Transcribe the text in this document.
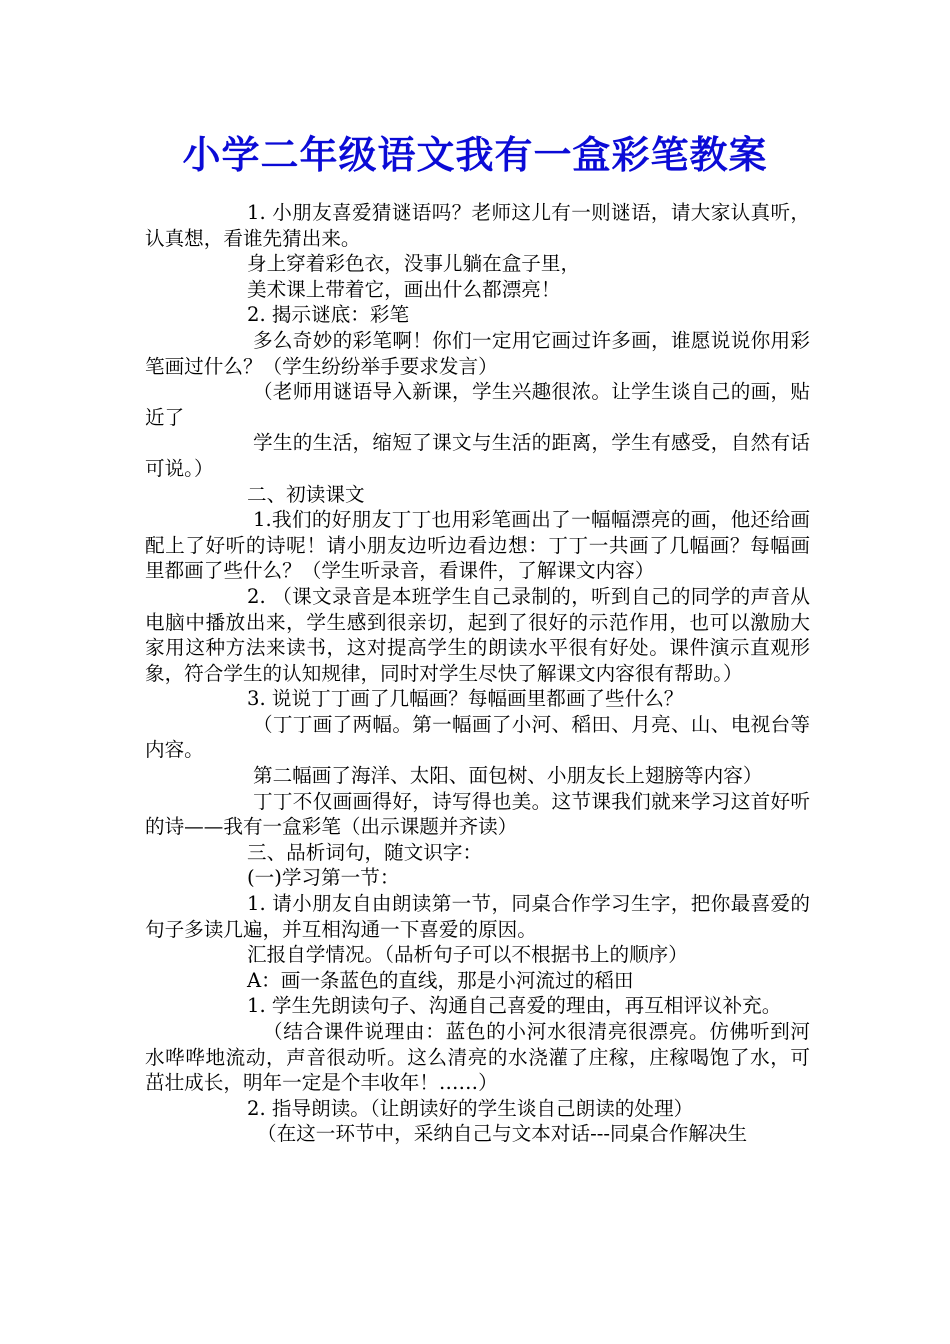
小学二年级语文我有一盒彩笔教案

1. 小朋友喜爱猜谜语吗？老师这儿有一则谜语，请大家认真听，认真想，看谁先猜出来。

身上穿着彩色衣，没事儿躺在盒子里，

美术课上带着它，画出什么都漂亮！

2. 揭示谜底：彩笔

多么奇妙的彩笔啊！你们一定用它画过许多画，谁愿说说你用彩笔画过什么？（学生纷纷举手要求发言）

（老师用谜语导入新课，学生兴趣很浓。让学生谈自己的画，贴近了

学生的生活，缩短了课文与生活的距离，学生有感受，自然有话可说。）

二、初读课文

1.我们的好朋友丁丁也用彩笔画出了一幅幅漂亮的画，他还给画配上了好听的诗呢！请小朋友边听边看边想：丁丁一共画了几幅画？每幅画里都画了些什么？（学生听录音，看课件，了解课文内容）

2. （课文录音是本班学生自己录制的，听到自己的同学的声音从电脑中播放出来，学生感到很亲切，起到了很好的示范作用，也可以激励大家用这种方法来读书，这对提高学生的朗读水平很有好处。课件演示直观形象，符合学生的认知规律，同时对学生尽快了解课文内容很有帮助。）

3. 说说丁丁画了几幅画？每幅画里都画了些什么？

（丁丁画了两幅。第一幅画了小河、稻田、月亮、山、电视台等内容。

第二幅画了海洋、太阳、面包树、小朋友长上翅膀等内容）

丁丁不仅画画得好，诗写得也美。这节课我们就来学习这首好听的诗——我有一盒彩笔（出示课题并齐读）

三、品析词句，随文识字：

(一)学习第一节：

1. 请小朋友自由朗读第一节，同桌合作学习生字，把你最喜爱的句子多读几遍，并互相沟通一下喜爱的原因。

汇报自学情况。（品析句子可以不根据书上的顺序）

A：画一条蓝色的直线，那是小河流过的稻田

1. 学生先朗读句子、沟通自己喜爱的理由，再互相评议补充。

（结合课件说理由：蓝色的小河水很清亮很漂亮。仿佛听到河水哗哗地流动，声音很动听。这么清亮的水浇灌了庄稼，庄稼喝饱了水，可茁壮成长，明年一定是个丰收年！……）

2. 指导朗读。（让朗读好的学生谈自己朗读的处理）

（在这一环节中，采纳自己与文本对话---同桌合作解决生
